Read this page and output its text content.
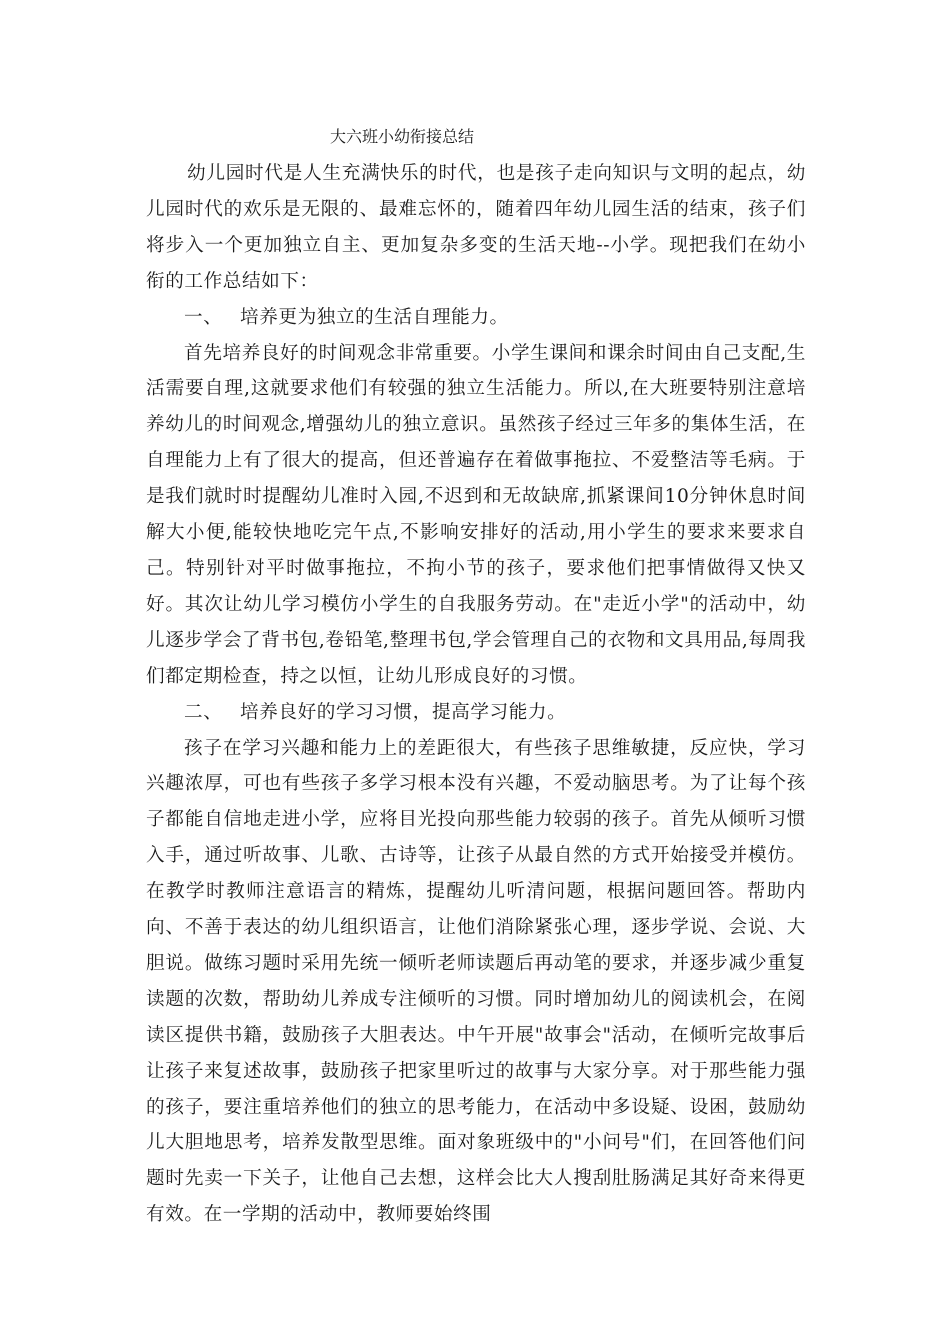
大六班小幼衔接总结

幼儿园时代是人生充满快乐的时代，也是孩子走向知识与文明的起点，幼儿园时代的欢乐是无限的、最难忘怀的，随着四年幼儿园生活的结束，孩子们将步入一个更加独立自主、更加复杂多变的生活天地--小学。现把我们在幼小衔的工作总结如下：

一、 培养更为独立的生活自理能力。

首先培养良好的时间观念非常重要。小学生课间和课余时间由自己支配,生活需要自理,这就要求他们有较强的独立生活能力。所以,在大班要特别注意培养幼儿的时间观念,增强幼儿的独立意识。虽然孩子经过三年多的集体生活，在自理能力上有了很大的提高，但还普遍存在着做事拖拉、不爱整洁等毛病。于是我们就时时提醒幼儿准时入园,不迟到和无故缺席,抓紧课间10分钟休息时间解大小便,能较快地吃完午点,不影响安排好的活动,用小学生的要求来要求自己。特别针对平时做事拖拉，不拘小节的孩子，要求他们把事情做得又快又好。其次让幼儿学习模仿小学生的自我服务劳动。在"走近小学"的活动中，幼儿逐步学会了背书包,卷铅笔,整理书包,学会管理自己的衣物和文具用品,每周我们都定期检查，持之以恒，让幼儿形成良好的习惯。

二、 培养良好的学习习惯，提高学习能力。

孩子在学习兴趣和能力上的差距很大，有些孩子思维敏捷，反应快，学习兴趣浓厚，可也有些孩子多学习根本没有兴趣，不爱动脑思考。为了让每个孩子都能自信地走进小学，应将目光投向那些能力较弱的孩子。首先从倾听习惯入手，通过听故事、儿歌、古诗等，让孩子从最自然的方式开始接受并模仿。在教学时教师注意语言的精炼，提醒幼儿听清问题，根据问题回答。帮助内向、不善于表达的幼儿组织语言，让他们消除紧张心理，逐步学说、会说、大胆说。做练习题时采用先统一倾听老师读题后再动笔的要求，并逐步减少重复读题的次数，帮助幼儿养成专注倾听的习惯。同时增加幼儿的阅读机会，在阅读区提供书籍，鼓励孩子大胆表达。中午开展"故事会"活动，在倾听完故事后让孩子来复述故事，鼓励孩子把家里听过的故事与大家分享。对于那些能力强的孩子，要注重培养他们的独立的思考能力，在活动中多设疑、设困，鼓励幼儿大胆地思考，培养发散型思维。面对象班级中的"小问号"们，在回答他们问题时先卖一下关子，让他自己去想，这样会比大人搜刮肚肠满足其好奇来得更有效。在一学期的活动中，教师要始终围
